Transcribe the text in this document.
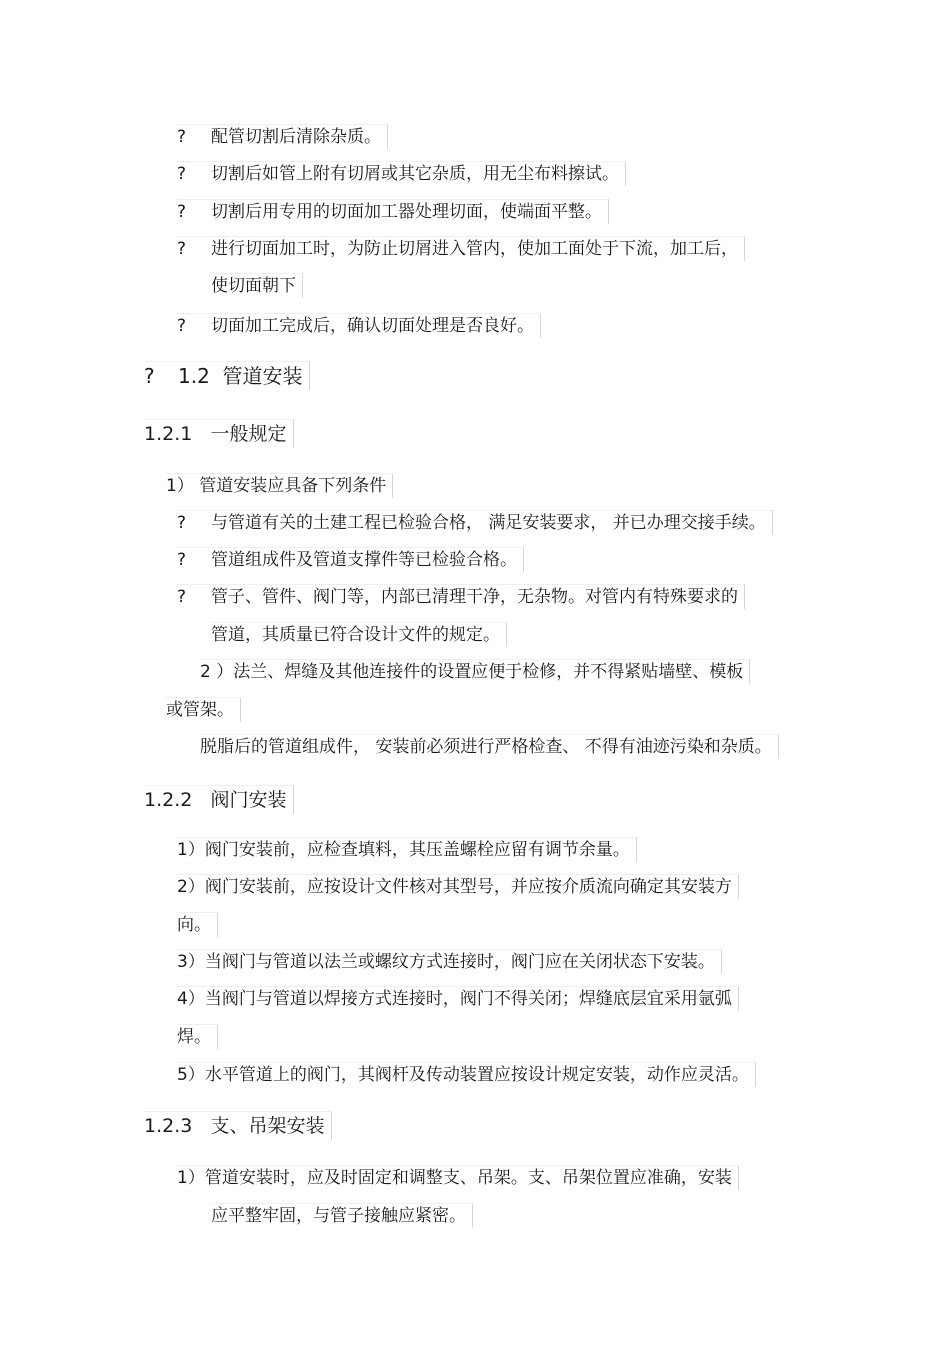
? 配管切割后清除杂质。
? 切割后如管上附有切屑或其它杂质，用无尘布料擦试。
? 切割后用专用的切面加工器处理切面，使端面平整。
? 进行切面加工时，为防止切屑进入管内，使加工面处于下流，加工后，
使切面朝下
? 切面加工完成后，确认切面处理是否良好。
? 1.2 管道安装
1.2.1 一般规定
1） 管道安装应具备下列条件
? 与管道有关的土建工程已检验合格， 满足安装要求， 并已办理交接手续。
? 管道组成件及管道支撑件等已检验合格。
? 管子、管件、阀门等，内部已清理干净，无杂物。对管内有特殊要求的
管道，其质量已符合设计文件的规定。
2 ）法兰、焊缝及其他连接件的设置应便于检修，并不得紧贴墙壁、模板
或管架。
脱脂后的管道组成件， 安装前必须进行严格检查、 不得有油迹污染和杂质。
1.2.2 阀门安装
1）阀门安装前，应检查填料，其压盖螺栓应留有调节余量。
2）阀门安装前，应按设计文件核对其型号，并应按介质流向确定其安装方
向。
3）当阀门与管道以法兰或螺纹方式连接时，阀门应在关闭状态下安装。
4）当阀门与管道以焊接方式连接时，阀门不得关闭；焊缝底层宜采用氩弧
焊。
5）水平管道上的阀门，其阀杆及传动装置应按设计规定安装，动作应灵活。
1.2.3 支、吊架安装
1）管道安装时，应及时固定和调整支、吊架。支、吊架位置应准确，安装
应平整牢固，与管子接触应紧密。
